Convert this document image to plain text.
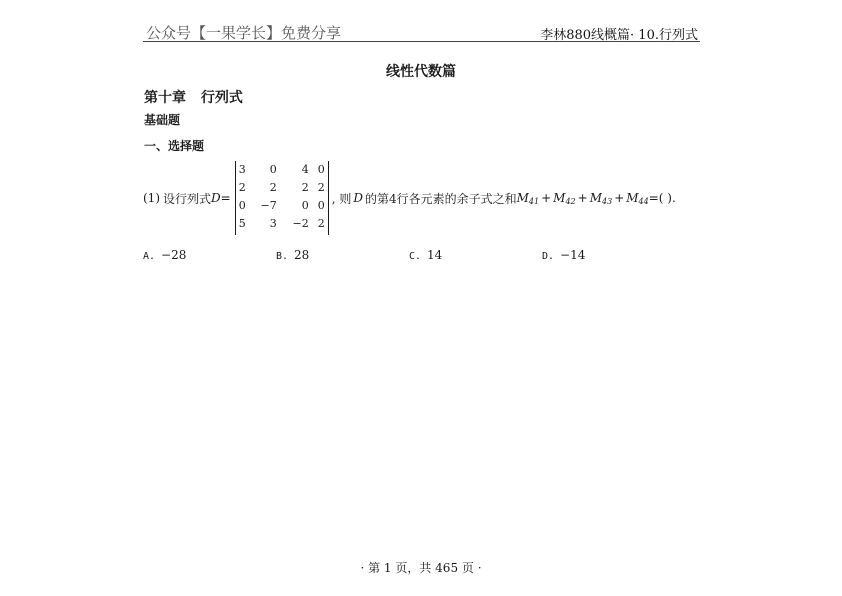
公众号【一果学长】免费分享	李林880线概篇· 10.行列式
线性代数篇
第十章 行列式
基础题
一、选择题
(1) 设行列式 D =
3	0	4	0
2	2	2	2
0	−7	0	0
5	3	−2	2
, 则 D 的第4行各元素的余子式之和 $M_{41} + M_{42} + M_{43} + M_{44}$ =( ).
A. −28	B. 28	C. 14	D. −14
· 第 1 页，共 465 页 ·
